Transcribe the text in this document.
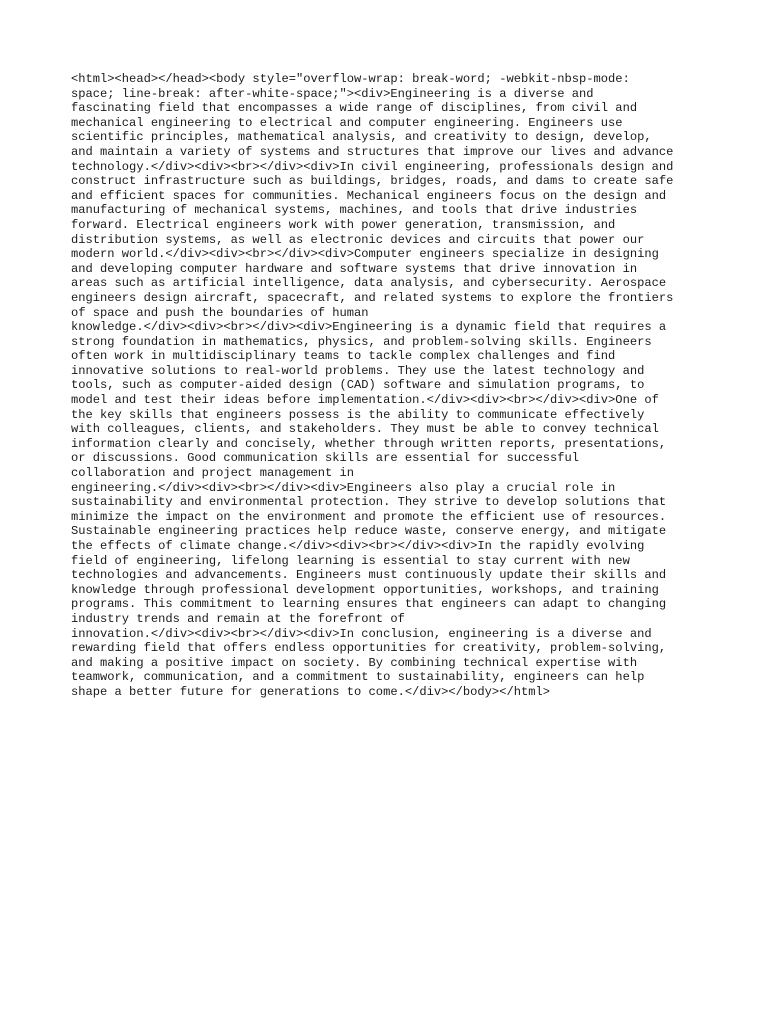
<html><head></head><body style="overflow-wrap: break-word; -webkit-nbsp-mode:
space; line-break: after-white-space;"><div>Engineering is a diverse and
fascinating field that encompasses a wide range of disciplines, from civil and
mechanical engineering to electrical and computer engineering. Engineers use
scientific principles, mathematical analysis, and creativity to design, develop,
and maintain a variety of systems and structures that improve our lives and advance
technology.</div><div><br></div><div>In civil engineering, professionals design and
construct infrastructure such as buildings, bridges, roads, and dams to create safe
and efficient spaces for communities. Mechanical engineers focus on the design and
manufacturing of mechanical systems, machines, and tools that drive industries
forward. Electrical engineers work with power generation, transmission, and
distribution systems, as well as electronic devices and circuits that power our
modern world.</div><div><br></div><div>Computer engineers specialize in designing
and developing computer hardware and software systems that drive innovation in
areas such as artificial intelligence, data analysis, and cybersecurity. Aerospace
engineers design aircraft, spacecraft, and related systems to explore the frontiers
of space and push the boundaries of human
knowledge.</div><div><br></div><div>Engineering is a dynamic field that requires a
strong foundation in mathematics, physics, and problem-solving skills. Engineers
often work in multidisciplinary teams to tackle complex challenges and find
innovative solutions to real-world problems. They use the latest technology and
tools, such as computer-aided design (CAD) software and simulation programs, to
model and test their ideas before implementation.</div><div><br></div><div>One of
the key skills that engineers possess is the ability to communicate effectively
with colleagues, clients, and stakeholders. They must be able to convey technical
information clearly and concisely, whether through written reports, presentations,
or discussions. Good communication skills are essential for successful
collaboration and project management in
engineering.</div><div><br></div><div>Engineers also play a crucial role in
sustainability and environmental protection. They strive to develop solutions that
minimize the impact on the environment and promote the efficient use of resources.
Sustainable engineering practices help reduce waste, conserve energy, and mitigate
the effects of climate change.</div><div><br></div><div>In the rapidly evolving
field of engineering, lifelong learning is essential to stay current with new
technologies and advancements. Engineers must continuously update their skills and
knowledge through professional development opportunities, workshops, and training
programs. This commitment to learning ensures that engineers can adapt to changing
industry trends and remain at the forefront of
innovation.</div><div><br></div><div>In conclusion, engineering is a diverse and
rewarding field that offers endless opportunities for creativity, problem-solving,
and making a positive impact on society. By combining technical expertise with
teamwork, communication, and a commitment to sustainability, engineers can help
shape a better future for generations to come.</div></body></html>
